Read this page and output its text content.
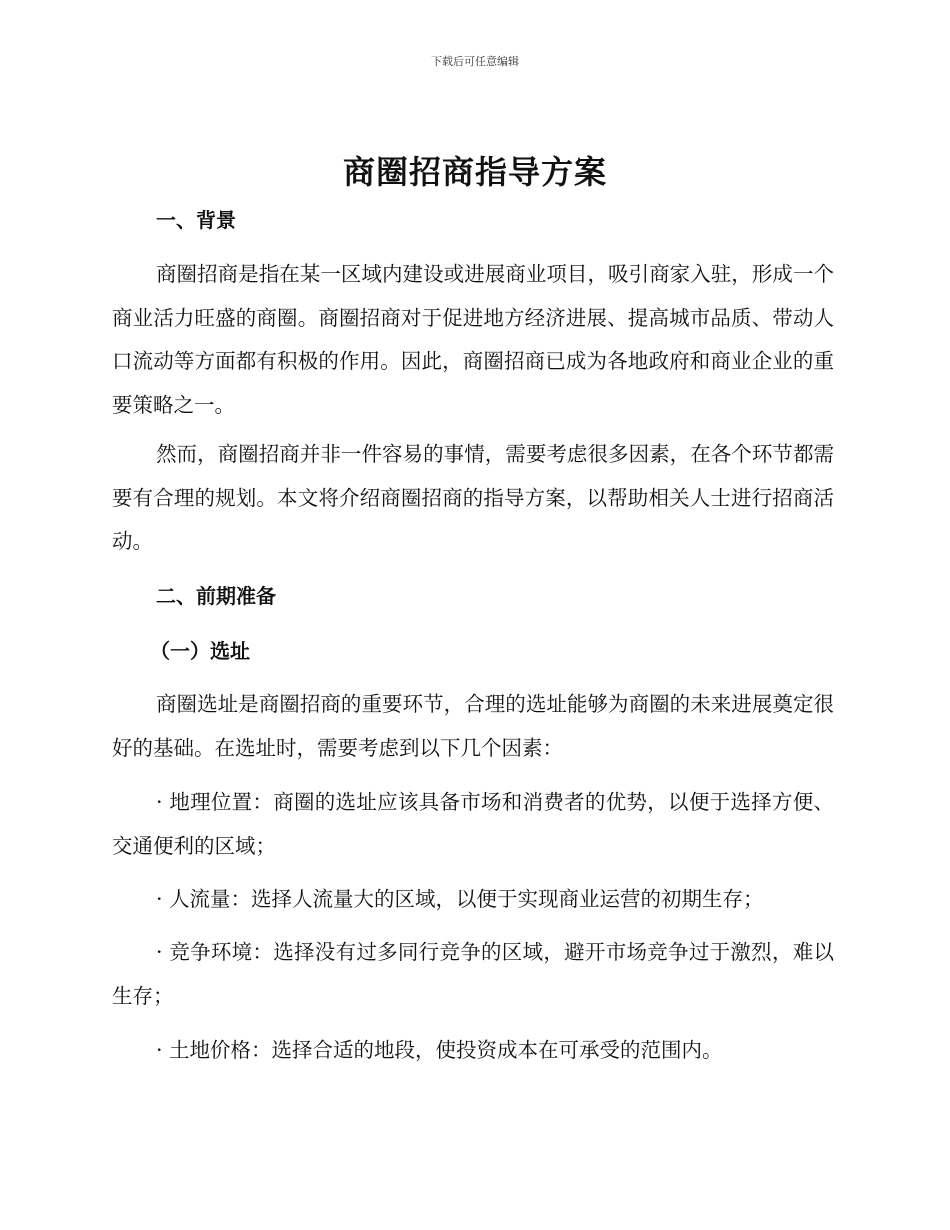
下载后可任意编辑
商圈招商指导方案
一、背景

商圈招商是指在某一区域内建设或进展商业项目，吸引商家入驻，形成一个商业活力旺盛的商圈。商圈招商对于促进地方经济进展、提高城市品质、带动人口流动等方面都有积极的作用。因此，商圈招商已成为各地政府和商业企业的重要策略之一。

然而，商圈招商并非一件容易的事情，需要考虑很多因素，在各个环节都需要有合理的规划。本文将介绍商圈招商的指导方案，以帮助相关人士进行招商活动。

二、前期准备
（一）选址

商圈选址是商圈招商的重要环节，合理的选址能够为商圈的未来进展奠定很好的基础。在选址时，需要考虑到以下几个因素：

· 地理位置：商圈的选址应该具备市场和消费者的优势，以便于选择方便、交通便利的区域；

· 人流量：选择人流量大的区域，以便于实现商业运营的初期生存；

· 竞争环境：选择没有过多同行竞争的区域，避开市场竞争过于激烈，难以生存；

· 土地价格：选择合适的地段，使投资成本在可承受的范围内。
